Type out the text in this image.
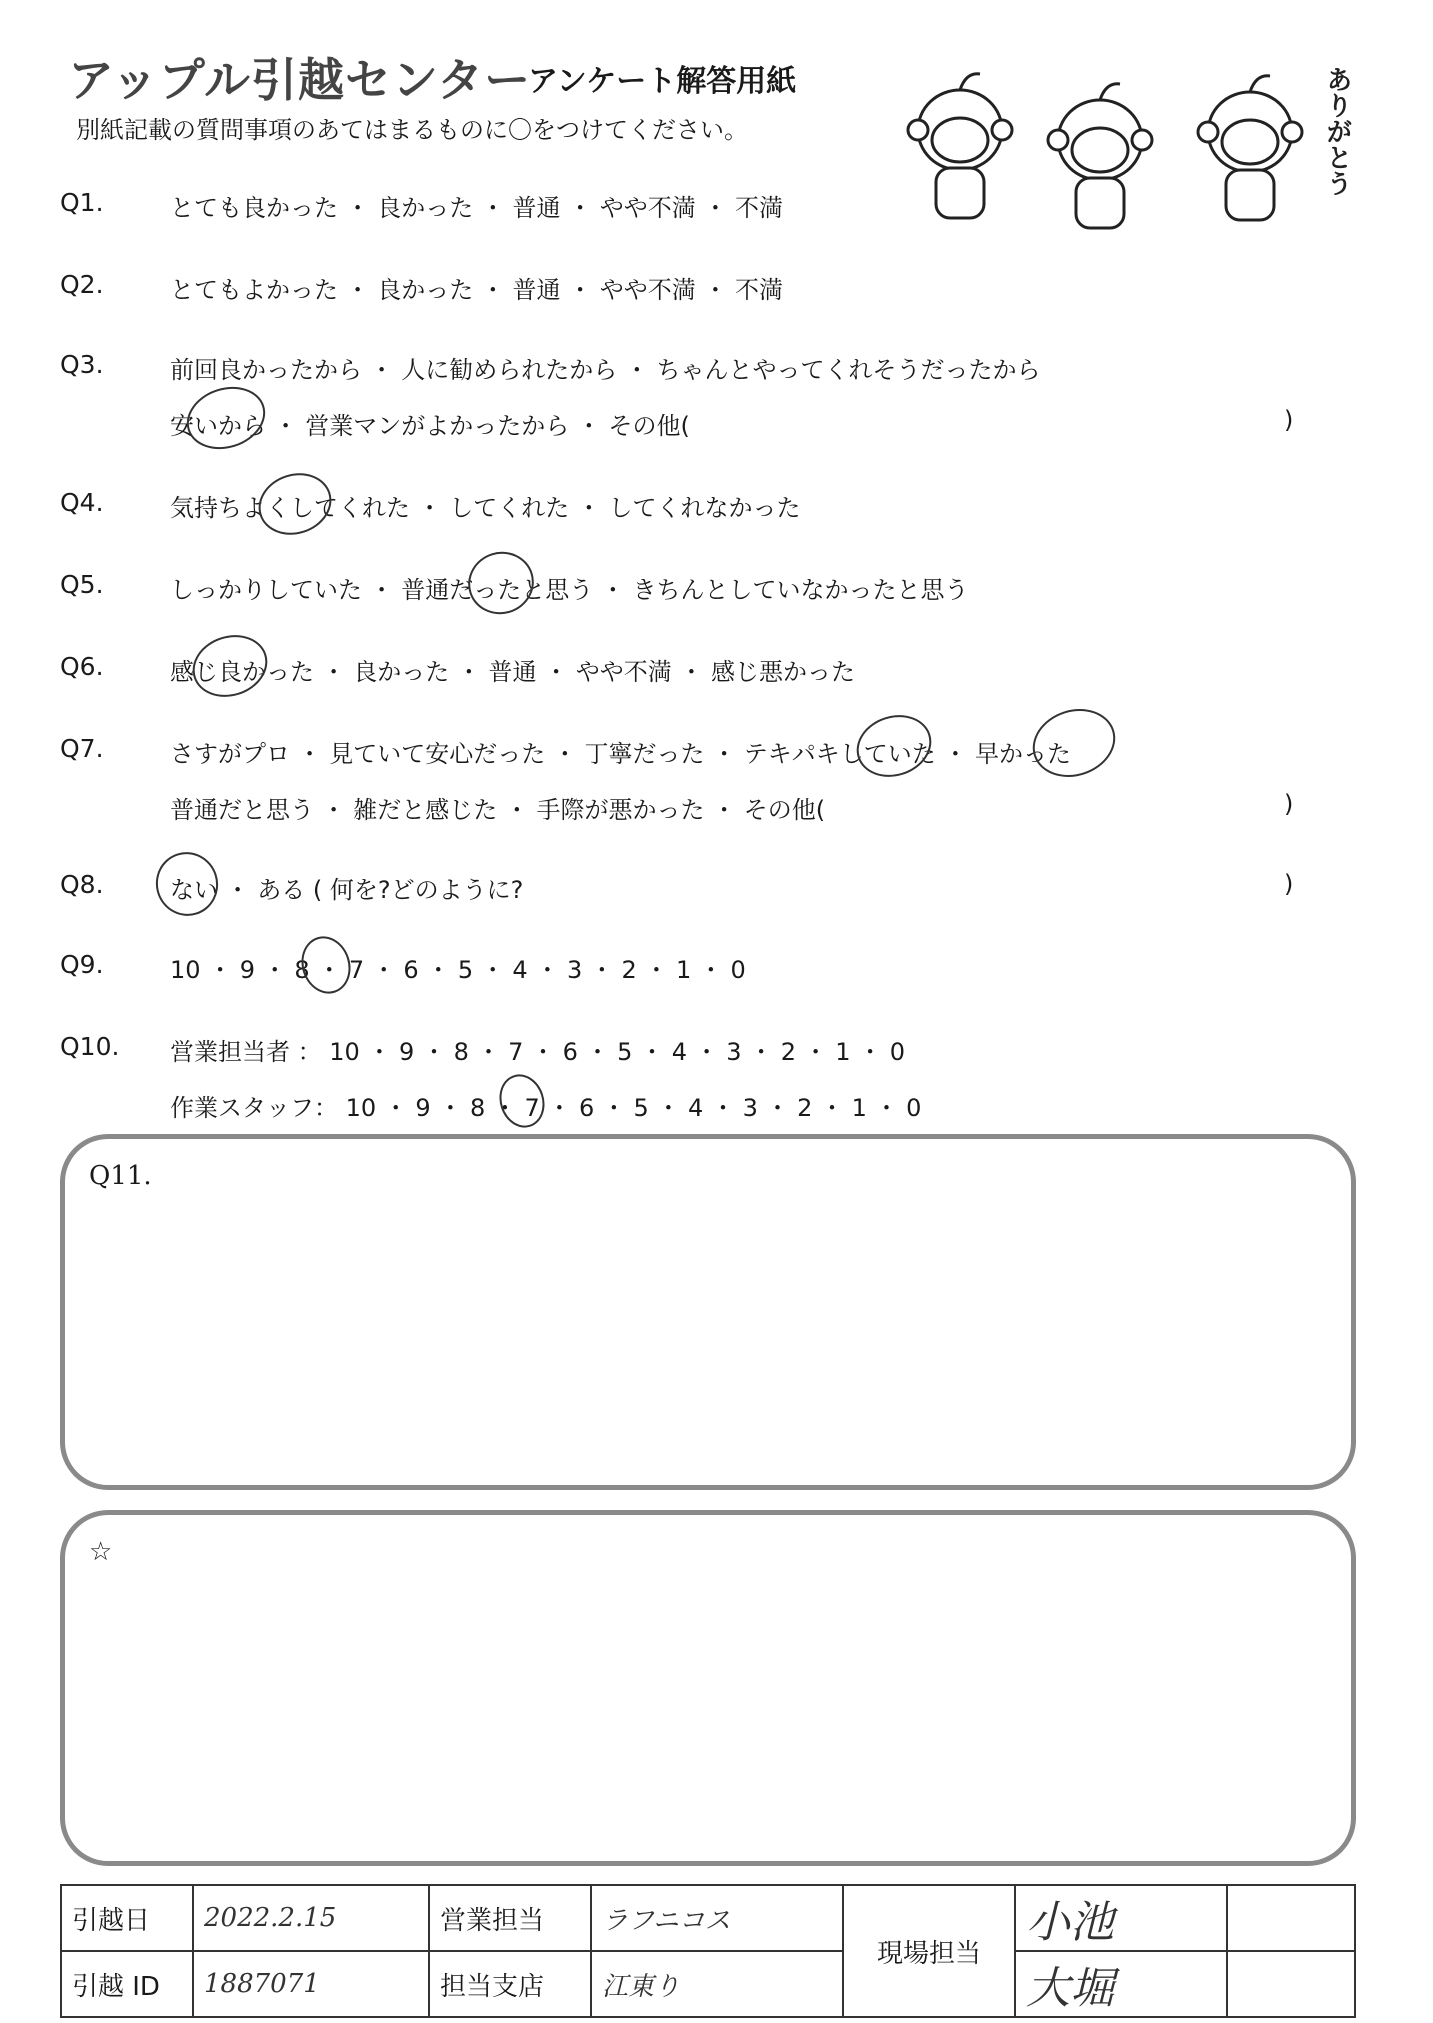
アップル引越センター
アンケート解答用紙
別紙記載の質問事項のあてはまるものに〇をつけてください。	ありがとう
Q1.	とても良かった ・ 良かった ・ 普通 ・ やや不満 ・ 不満
Q2.	とてもよかった ・ 良かった ・ 普通 ・ やや不満 ・ 不満
Q3.	前回良かったから ・ 人に勧められたから ・ ちゃんとやってくれそうだったから
安いから ・ 営業マンがよかったから ・ その他(	)
Q4.	気持ちよくしてくれた ・ してくれた ・ してくれなかった
Q5.	しっかりしていた ・ 普通だったと思う ・ きちんとしていなかったと思う
Q6.	感じ良かった ・ 良かった ・ 普通 ・ やや不満 ・ 感じ悪かった
Q7.	さすがプロ ・ 見ていて安心だった ・ 丁寧だった ・ テキパキしていた ・ 早かった
普通だと思う ・ 雑だと感じた ・ 手際が悪かった ・ その他(	)
Q8.	ない ・ ある ( 何を?どのように?	)
Q9.	10 ・ 9 ・ 8 ・ 7 ・ 6 ・ 5 ・ 4 ・ 3 ・ 2 ・ 1 ・ 0
Q10. 営業担当者 ： 10 ・ 9 ・ 8 ・ 7 ・ 6 ・ 5 ・ 4 ・ 3 ・ 2 ・ 1 ・ 0
作業スタッフ： 10 ・ 9 ・ 8 ・ 7 ・ 6 ・ 5 ・ 4 ・ 3 ・ 2 ・ 1 ・ 0
Q11.
☆
引越日	2022.2.15	営業担当	ラフニコス	現場担当	小池	
引越 ID	1887071	担当支店	江東り		大堀	
